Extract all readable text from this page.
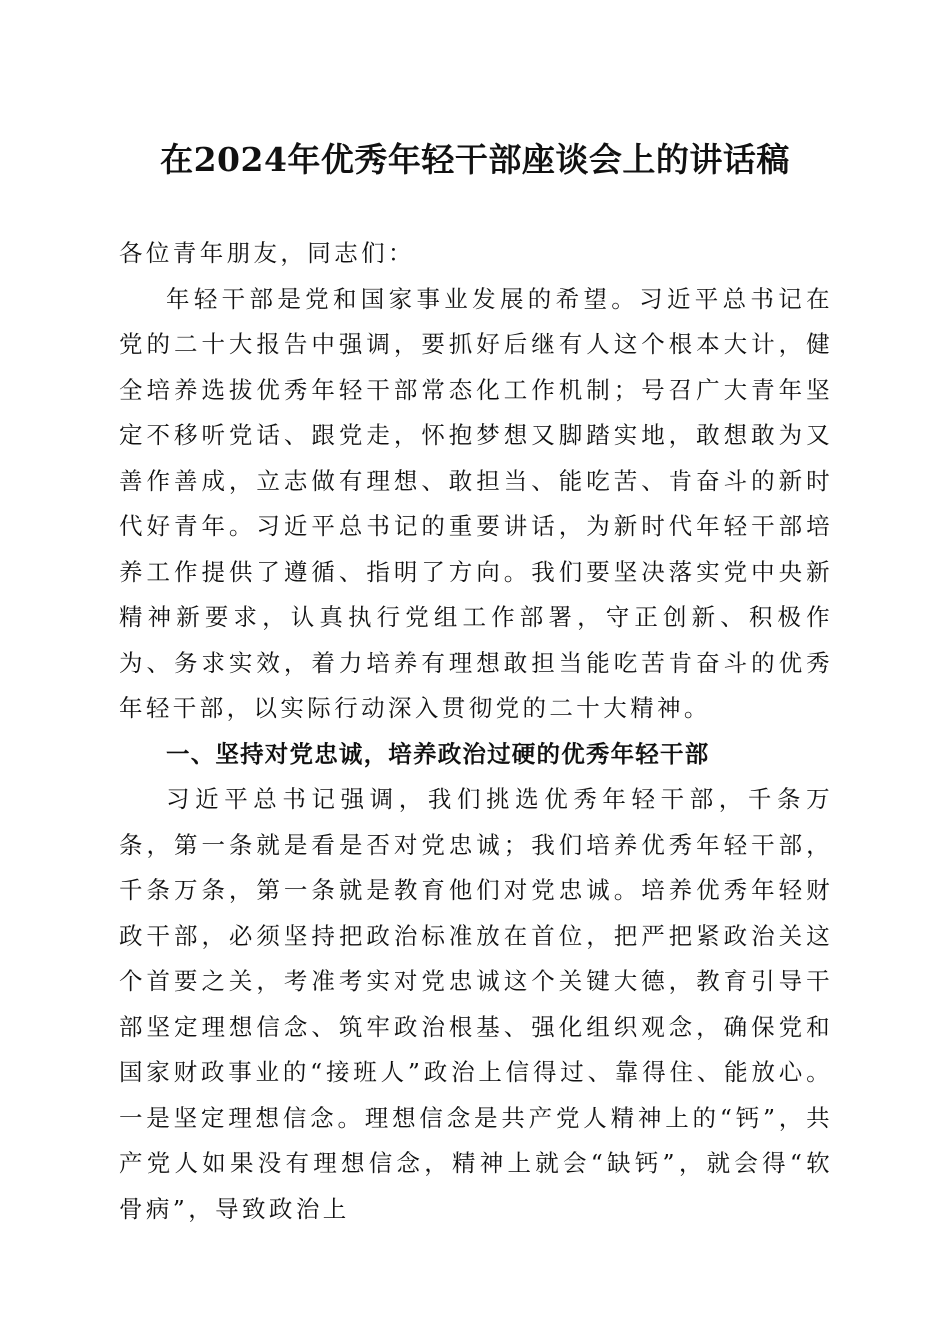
在2024年优秀年轻干部座谈会上的讲话稿

各位青年朋友，同志们：

年轻干部是党和国家事业发展的希望。习近平总书记在党的二十大报告中强调，要抓好后继有人这个根本大计，健全培养选拔优秀年轻干部常态化工作机制；号召广大青年坚定不移听党话、跟党走，怀抱梦想又脚踏实地，敢想敢为又善作善成，立志做有理想、敢担当、能吃苦、肯奋斗的新时代好青年。习近平总书记的重要讲话，为新时代年轻干部培养工作提供了遵循、指明了方向。我们要坚决落实党中央新精神新要求，认真执行党组工作部署，守正创新、积极作为、务求实效，着力培养有理想敢担当能吃苦肯奋斗的优秀年轻干部，以实际行动深入贯彻党的二十大精神。

一、坚持对党忠诚，培养政治过硬的优秀年轻干部

习近平总书记强调，我们挑选优秀年轻干部，千条万条，第一条就是看是否对党忠诚；我们培养优秀年轻干部，千条万条，第一条就是教育他们对党忠诚。培养优秀年轻财政干部，必须坚持把政治标准放在首位，把严把紧政治关这个首要之关，考准考实对党忠诚这个关键大德，教育引导干部坚定理想信念、筑牢政治根基、强化组织观念，确保党和国家财政事业的“接班人”政治上信得过、靠得住、能放心。一是坚定理想信念。理想信念是共产党人精神上的“钙”，共产党人如果没有理想信念，精神上就会“缺钙”，就会得“软骨病”，导致政治上
